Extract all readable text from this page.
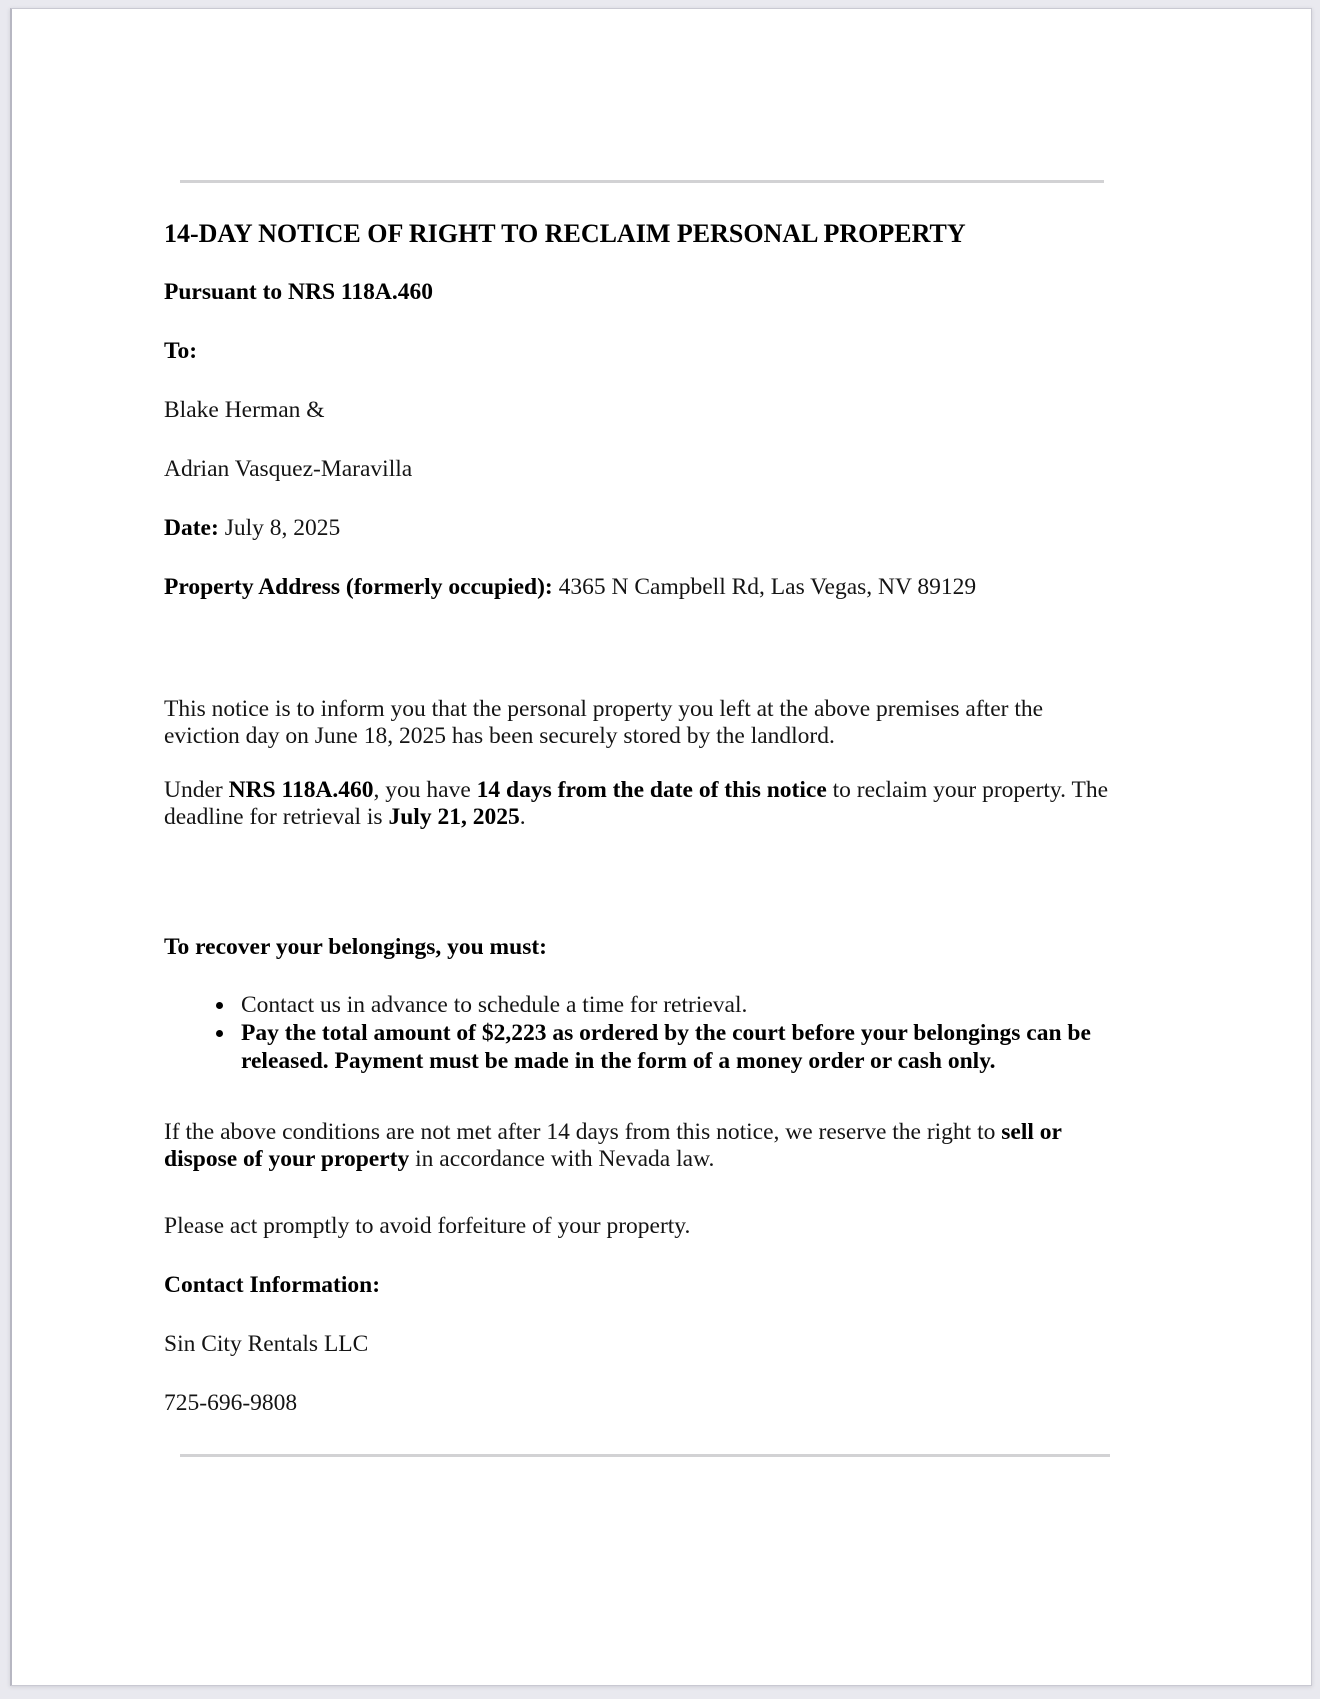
14-DAY NOTICE OF RIGHT TO RECLAIM PERSONAL PROPERTY

Pursuant to NRS 118A.460

To:

Blake Herman &

Adrian Vasquez-Maravilla

Date: July 8, 2025

Property Address (formerly occupied): 4365 N Campbell Rd, Las Vegas, NV 89129

This notice is to inform you that the personal property you left at the above premises after the eviction day on June 18, 2025 has been securely stored by the landlord.

Under NRS 118A.460, you have 14 days from the date of this notice to reclaim your property. The deadline for retrieval is July 21, 2025.

To recover your belongings, you must:

• Contact us in advance to schedule a time for retrieval.
• Pay the total amount of $2,223 as ordered by the court before your belongings can be released. Payment must be made in the form of a money order or cash only.

If the above conditions are not met after 14 days from this notice, we reserve the right to sell or dispose of your property in accordance with Nevada law.

Please act promptly to avoid forfeiture of your property.

Contact Information:

Sin City Rentals LLC

725-696-9808
